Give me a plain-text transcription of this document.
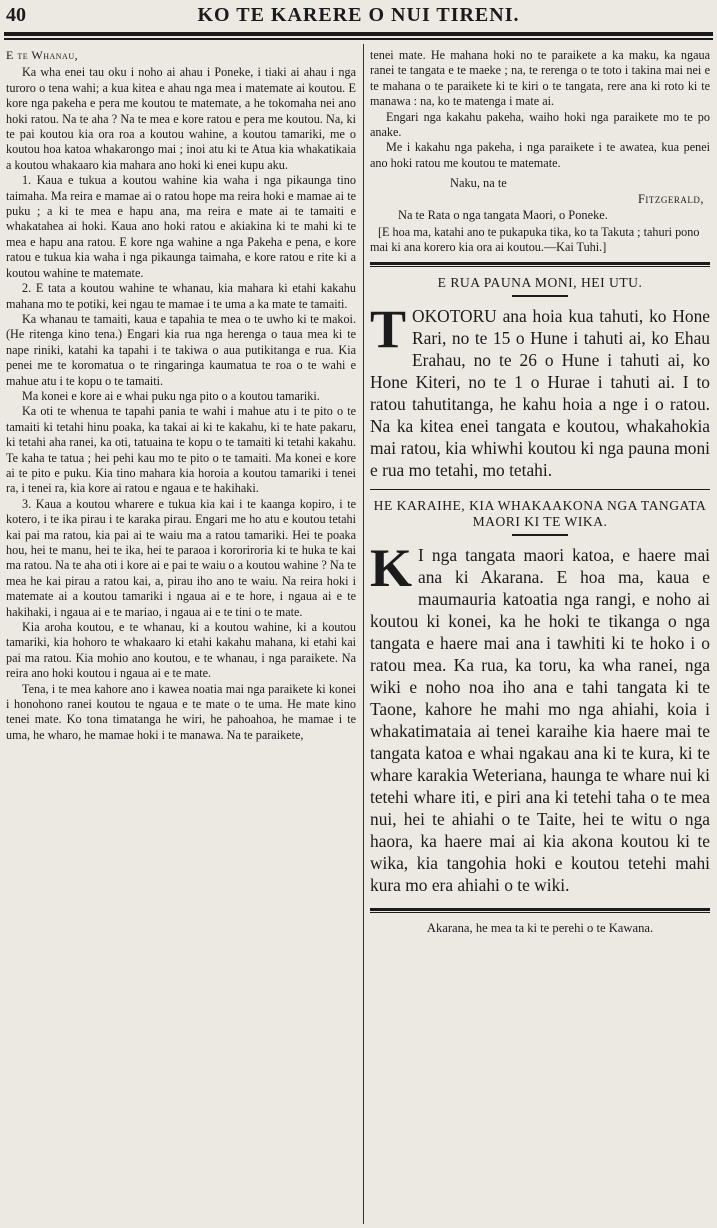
40	KO TE KARERE O NUI TIRENI.
E te Whanau,

Ka wha enei tau oku i noho ai ahau i Poneke, i tiaki ai ahau i nga turoro o tena wahi; a kua kitea e ahau nga mea i matemate ai koutou. E kore nga pakeha e pera me koutou te matemate, a he tokomaha nei ano hoki ratou. Na te aha ? Na te mea e kore ratou e pera me koutou. Na, ki te pai koutou kia ora roa a koutou wahine, a koutou tamariki, me o koutou hoa katoa whakarongo mai ; inoi atu ki te Atua kia whakatikaia a koutou whakaaro kia mahara ano hoki ki enei kupu aku.

1. Kaua e tukua a koutou wahine kia waha i nga pikaunga tino taimaha. Ma reira e mamae ai o ratou hope ma reira hoki e mamae ai te puku ; a ki te mea e hapu ana, ma reira e mate ai te tamaiti e whakatahea ai hoki. Kaua ano hoki ratou e akiakina ki te mahi ki te mea e hapu ana ratou. E kore nga wahine a nga Pakeha e pena, e kore ratou e tukua kia waha i nga pikaunga taimaha, e kore ratou e rite ki a koutou wahine te matemate.

2. E tata a koutou wahine te whanau, kia mahara ki etahi kakahu mahana mo te potiki, kei ngau te mamae i te uma a ka mate te tamaiti.

Ka whanau te tamaiti, kaua e tapahia te mea o te uwho ki te makoi. (He ritenga kino tena.) Engari kia rua nga herenga o taua mea ki te nape riniki, katahi ka tapahi i te takiwa o aua putikitanga e rua. Kia penei me te koromatua o te ringaringa kaumatua te roa o te wahi e mahue atu i te kopu o te tamaiti.

Ma konei e kore ai e whai puku nga pito o a koutou tamariki.

Ka oti te whenua te tapahi pania te wahi i mahue atu i te pito o te tamaiti ki tetahi hinu poaka, ka takai ai ki te kakahu, ki te hate pakaru, ki tetahi aha ranei, ka oti, tatuaina te kopu o te tamaiti ki tetahi kakahu. Te kaha te tatua ; hei pehi kau mo te pito o te tamaiti. Ma konei e kore ai te pito e puku. Kia tino mahara kia horoia a koutou tamariki i tenei ra, i tenei ra, kia kore ai ratou e ngaua e te hakihaki.

3. Kaua a koutou wharere e tukua kia kai i te kaanga kopiro, i te kotero, i te ika pirau i te karaka pirau. Engari me ho atu e koutou tetahi kai pai ma ratou, kia pai ai te waiu ma a ratou tamariki. Hei te poaka hou, hei te manu, hei te ika, hei te paraoa i kororiroria ki te huka te kai ma ratou. Na te aha oti i kore ai e pai te waiu o a koutou wahine ? Na te mea he kai pirau a ratou kai, a, pirau iho ano te waiu. Na reira hoki i matemate ai a koutou tamariki i ngaua ai e te hore, i ngaua ai e te hakihaki, i ngaua ai e te mariao, i ngaua ai e te tini o te mate.

Kia aroha koutou, e te whanau, ki a koutou wahine, ki a koutou tamariki, kia hohoro te whakaaro ki etahi kakahu mahana, ki etahi kai pai ma ratou. Kia mohio ano koutou, e te whanau, i nga paraikete. Na reira ano hoki koutou i ngaua ai e te mate.

Tena, i te mea kahore ano i kawea noatia mai nga paraikete ki konei i honohono ranei koutou te ngaua e te mate o te uma. He mate kino tenei mate. Ko tona timatanga he wiri, he pahoahoa, he mamae i te uma, he wharo, he mamae hoki i te manawa. Na te paraikete,

tenei mate. He mahana hoki no te paraikete a ka maku, ka ngaua ranei te tangata e te maeke ; na, te rerenga o te toto i takina mai nei e te mahana o te paraikete ki te kiri o te tangata, rere ana ki roto ki te manawa : na, ko te matenga i mate ai.

Engari nga kakahu pakeha, waiho hoki nga paraikete mo te po anake.

Me i kakahu nga pakeha, i nga paraikete i te awatea, kua penei ano hoki ratou me koutou te matemate.

Naku, na te
Fitzgerald,
Na te Rata o nga tangata Maori, o Poneke.
[E hoa ma, katahi ano te pukapuka tika, ko ta Takuta ; tahuri pono mai ki ana korero kia ora ai koutou.—Kai Tuhi.]
E RUA PAUNA MONI, HEI UTU.

TOKOTORU ana hoia kua tahuti, ko Hone Rari, no te 15 o Hune i tahuti ai, ko Ehau Erahau, no te 26 o Hune i tahuti ai, ko Hone Kiteri, no te 1 o Hurae i tahuti ai. I to ratou tahutitanga, he kahu hoia a nge i o ratou. Na ka kitea enei tangata e koutou, whakahokia mai ratou, kia whiwhi koutou ki nga pauna moni e rua mo tetahi, mo tetahi.

HE KARAIHE, KIA WHAKAAKONA NGA TANGATA MAORI KI TE WIKA.

K I nga tangata maori katoa, e haere mai ana ki Akarana. E hoa ma, kaua e maumauria katoatia nga rangi, e noho ai koutou ki konei, ka he hoki te tikanga o nga tangata e haere mai ana i tawhiti ki te hoko i o ratou mea. Ka rua, ka toru, ka wha ranei, nga wiki e noho noa iho ana e tahi tangata ki te Taone, kahore he mahi mo nga ahiahi, koia i whakatimataia ai tenei karaihe kia haere mai te tangata katoa e whai ngakau ana ki te kura, ki te whare karakia Weteriana, haunga te whare nui ki tetehi whare iti, e piri ana ki tetehi taha o te mea nui, hei te ahiahi o te Taite, hei te witu o nga haora, ka haere mai ai kia akona koutou ki te wika, kia tangohia hoki e koutou tetehi mahi kura mo era ahiahi o te wiki.

Akarana, he mea ta ki te perehi o te Kawana.
